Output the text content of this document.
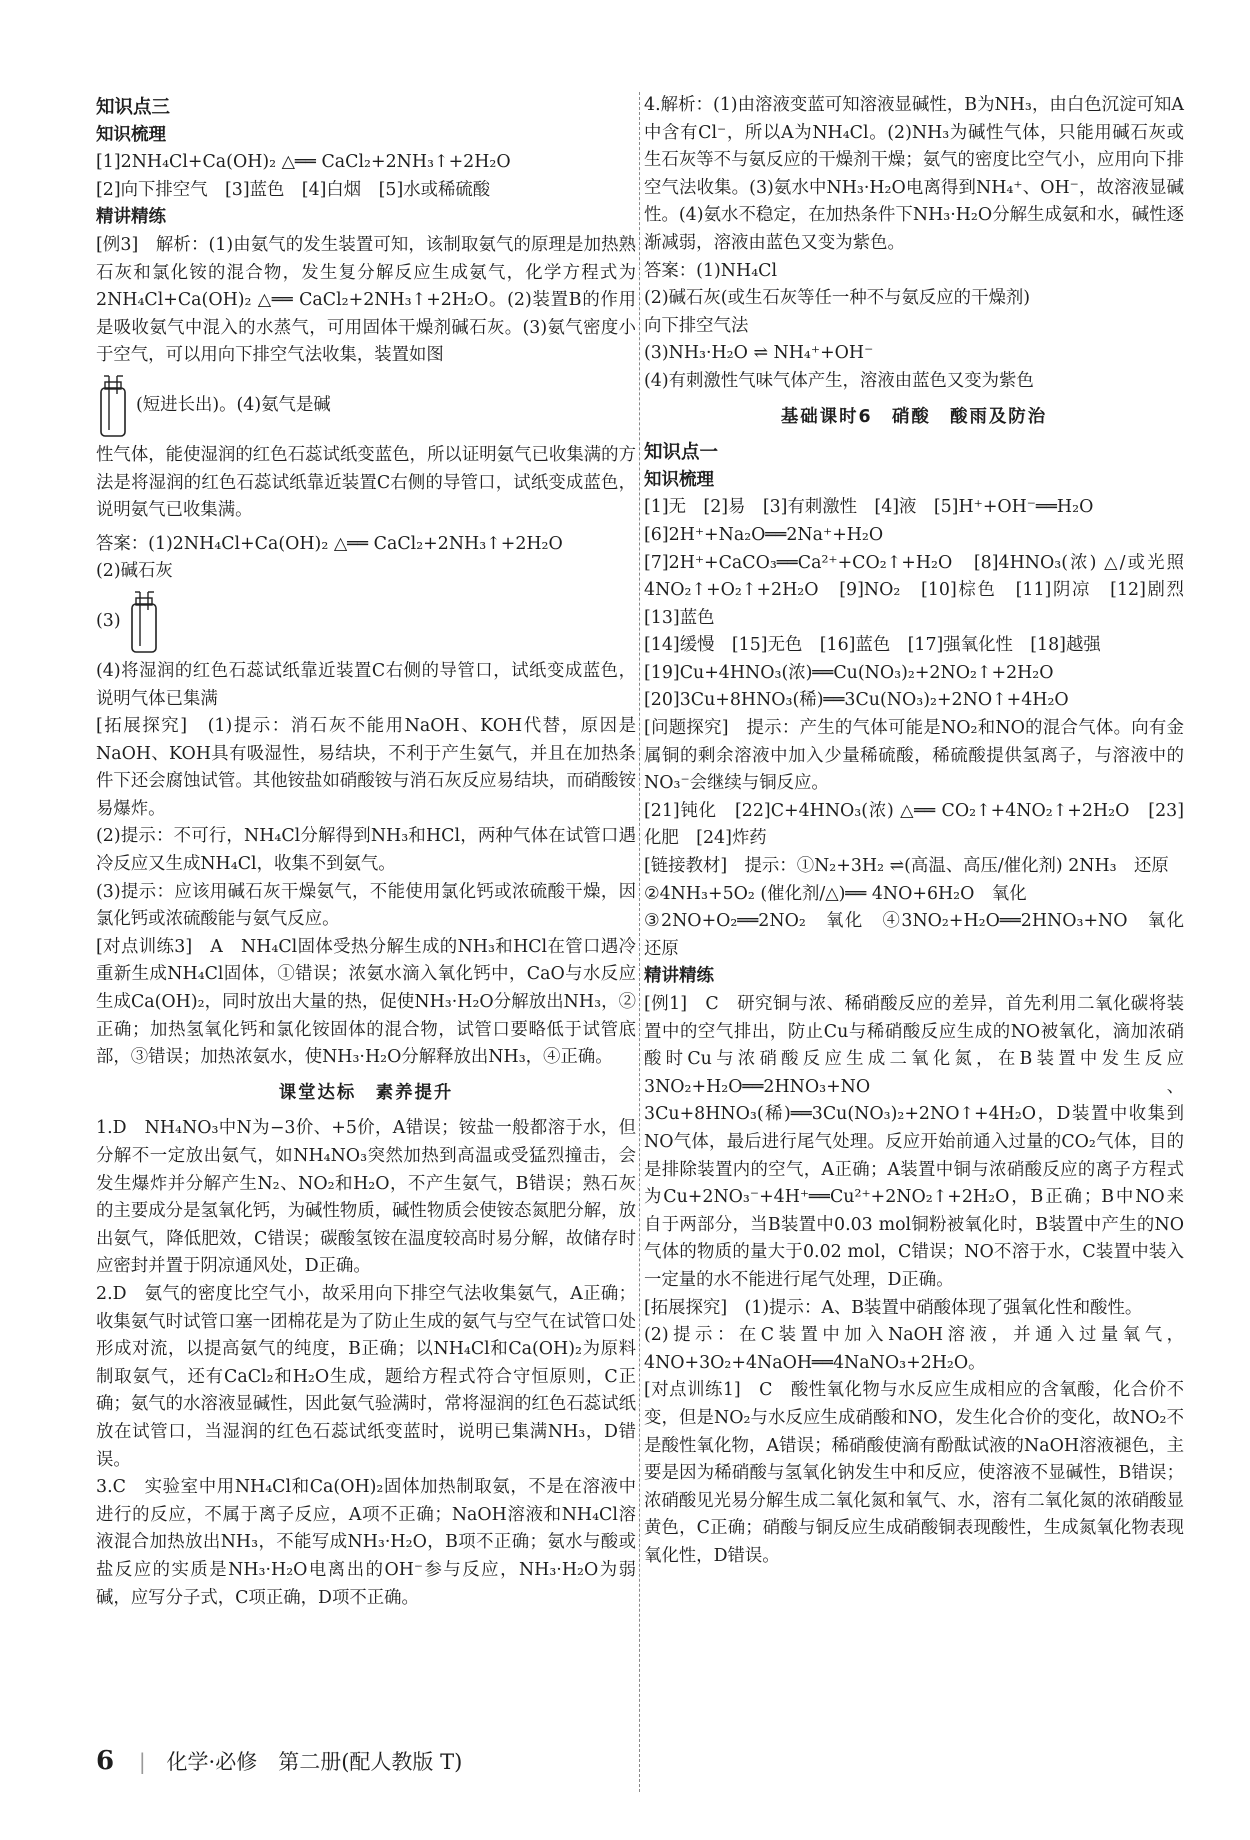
知识点三
知识梳理
[1]2NH₄Cl+Ca(OH)₂ △══ CaCl₂+2NH₃↑+2H₂O
[2]向下排空气　[3]蓝色　[4]白烟　[5]水或稀硫酸
精讲精练
[例3]　解析：(1)由氨气的发生装置可知，该制取氨气的原理是加热熟石灰和氯化铵的混合物，发生复分解反应生成氨气，化学方程式为2NH₄Cl+Ca(OH)₂ △══ CaCl₂+2NH₃↑+2H₂O。(2)装置B的作用是吸收氨气中混入的水蒸气，可用固体干燥剂碱石灰。(3)氨气密度小于空气，可以用向下排空气法收集，装置如图
(短进长出)。(4)氨气是碱
性气体，能使湿润的红色石蕊试纸变蓝色，所以证明氨气已收集满的方法是将湿润的红色石蕊试纸靠近装置C右侧的导管口，试纸变成蓝色，说明氨气已收集满。
答案：(1)2NH₄Cl+Ca(OH)₂ △══ CaCl₂+2NH₃↑+2H₂O
(2)碱石灰
(3)
(4)将湿润的红色石蕊试纸靠近装置C右侧的导管口，试纸变成蓝色，说明气体已集满
[拓展探究]　(1)提示：消石灰不能用NaOH、KOH代替，原因是NaOH、KOH具有吸湿性，易结块，不利于产生氨气，并且在加热条件下还会腐蚀试管。其他铵盐如硝酸铵与消石灰反应易结块，而硝酸铵易爆炸。
(2)提示：不可行，NH₄Cl分解得到NH₃和HCl，两种气体在试管口遇冷反应又生成NH₄Cl，收集不到氨气。
(3)提示：应该用碱石灰干燥氨气，不能使用氯化钙或浓硫酸干燥，因氯化钙或浓硫酸能与氨气反应。
[对点训练3]　A　NH₄Cl固体受热分解生成的NH₃和HCl在管口遇冷重新生成NH₄Cl固体，①错误；浓氨水滴入氧化钙中，CaO与水反应生成Ca(OH)₂，同时放出大量的热，促使NH₃·H₂O分解放出NH₃，②正确；加热氢氧化钙和氯化铵固体的混合物，试管口要略低于试管底部，③错误；加热浓氨水，使NH₃·H₂O分解释放出NH₃，④正确。
课堂达标　素养提升
1.D　NH₄NO₃中N为−3价、+5价，A错误；铵盐一般都溶于水，但分解不一定放出氨气，如NH₄NO₃突然加热到高温或受猛烈撞击，会发生爆炸并分解产生N₂、NO₂和H₂O，不产生氨气，B错误；熟石灰的主要成分是氢氧化钙，为碱性物质，碱性物质会使铵态氮肥分解，放出氨气，降低肥效，C错误；碳酸氢铵在温度较高时易分解，故储存时应密封并置于阴凉通风处，D正确。
2.D　氨气的密度比空气小，故采用向下排空气法收集氨气，A正确；收集氨气时试管口塞一团棉花是为了防止生成的氨气与空气在试管口处形成对流，以提高氨气的纯度，B正确；以NH₄Cl和Ca(OH)₂为原料制取氨气，还有CaCl₂和H₂O生成，题给方程式符合守恒原则，C正确；氨气的水溶液显碱性，因此氨气验满时，常将湿润的红色石蕊试纸放在试管口，当湿润的红色石蕊试纸变蓝时，说明已集满NH₃，D错误。
3.C　实验室中用NH₄Cl和Ca(OH)₂固体加热制取氨，不是在溶液中进行的反应，不属于离子反应，A项不正确；NaOH溶液和NH₄Cl溶液混合加热放出NH₃，不能写成NH₃·H₂O，B项不正确；氨水与酸或盐反应的实质是NH₃·H₂O电离出的OH⁻参与反应，NH₃·H₂O为弱碱，应写分子式，C项正确，D项不正确。
4.解析：(1)由溶液变蓝可知溶液显碱性，B为NH₃，由白色沉淀可知A中含有Cl⁻，所以A为NH₄Cl。(2)NH₃为碱性气体，只能用碱石灰或生石灰等不与氨反应的干燥剂干燥；氨气的密度比空气小，应用向下排空气法收集。(3)氨水中NH₃·H₂O电离得到NH₄⁺、OH⁻，故溶液显碱性。(4)氨水不稳定，在加热条件下NH₃·H₂O分解生成氨和水，碱性逐渐减弱，溶液由蓝色又变为紫色。
答案：(1)NH₄Cl
(2)碱石灰(或生石灰等任一种不与氨反应的干燥剂)
向下排空气法
(3)NH₃·H₂O ⇌ NH₄⁺+OH⁻
(4)有刺激性气味气体产生，溶液由蓝色又变为紫色
基础课时6　硝酸　酸雨及防治
知识点一
知识梳理
[1]无　[2]易　[3]有刺激性　[4]液　[5]H⁺+OH⁻══H₂O
[6]2H⁺+Na₂O══2Na⁺+H₂O　[7]2H⁺+CaCO₃══Ca²⁺+CO₂↑+H₂O　[8]4HNO₃(浓) △/或光照 4NO₂↑+O₂↑+2H₂O　[9]NO₂　[10]棕色　[11]阴凉　[12]剧烈　[13]蓝色
[14]缓慢　[15]无色　[16]蓝色　[17]强氧化性　[18]越强
[19]Cu+4HNO₃(浓)══Cu(NO₃)₂+2NO₂↑+2H₂O
[20]3Cu+8HNO₃(稀)══3Cu(NO₃)₂+2NO↑+4H₂O
[问题探究]　提示：产生的气体可能是NO₂和NO的混合气体。向有金属铜的剩余溶液中加入少量稀硫酸，稀硫酸提供氢离子，与溶液中的NO₃⁻会继续与铜反应。
[21]钝化　[22]C+4HNO₃(浓) △══ CO₂↑+4NO₂↑+2H₂O　[23]化肥　[24]炸药
[链接教材]　提示：①N₂+3H₂ ⇌(高温、高压/催化剂) 2NH₃　还原
②4NH₃+5O₂ (催化剂/△)══ 4NO+6H₂O　氧化
③2NO+O₂══2NO₂　氧化　④3NO₂+H₂O══2HNO₃+NO　氧化　还原
精讲精练
[例1]　C　研究铜与浓、稀硝酸反应的差异，首先利用二氧化碳将装置中的空气排出，防止Cu与稀硝酸反应生成的NO被氧化，滴加浓硝酸时Cu与浓硝酸反应生成二氧化氮，在B装置中发生反应3NO₂+H₂O══2HNO₃+NO、3Cu+8HNO₃(稀)══3Cu(NO₃)₂+2NO↑+4H₂O，D装置中收集到NO气体，最后进行尾气处理。反应开始前通入过量的CO₂气体，目的是排除装置内的空气，A正确；A装置中铜与浓硝酸反应的离子方程式为Cu+2NO₃⁻+4H⁺══Cu²⁺+2NO₂↑+2H₂O，B正确；B中NO来自于两部分，当B装置中0.03 mol铜粉被氧化时，B装置中产生的NO气体的物质的量大于0.02 mol，C错误；NO不溶于水，C装置中装入一定量的水不能进行尾气处理，D正确。
[拓展探究]　(1)提示：A、B装置中硝酸体现了强氧化性和酸性。
(2)提示：在C装置中加入NaOH溶液，并通入过量氧气，4NO+3O₂+4NaOH══4NaNO₃+2H₂O。
[对点训练1]　C　酸性氧化物与水反应生成相应的含氧酸，化合价不变，但是NO₂与水反应生成硝酸和NO，发生化合价的变化，故NO₂不是酸性氧化物，A错误；稀硝酸使滴有酚酞试液的NaOH溶液褪色，主要是因为稀硝酸与氢氧化钠发生中和反应，使溶液不显碱性，B错误；浓硝酸见光易分解生成二氧化氮和氧气、水，溶有二氧化氮的浓硝酸显黄色，C正确；硝酸与铜反应生成硝酸铜表现酸性，生成氮氧化物表现氧化性，D错误。
6 | 化学·必修　第二册(配人教版 T)
